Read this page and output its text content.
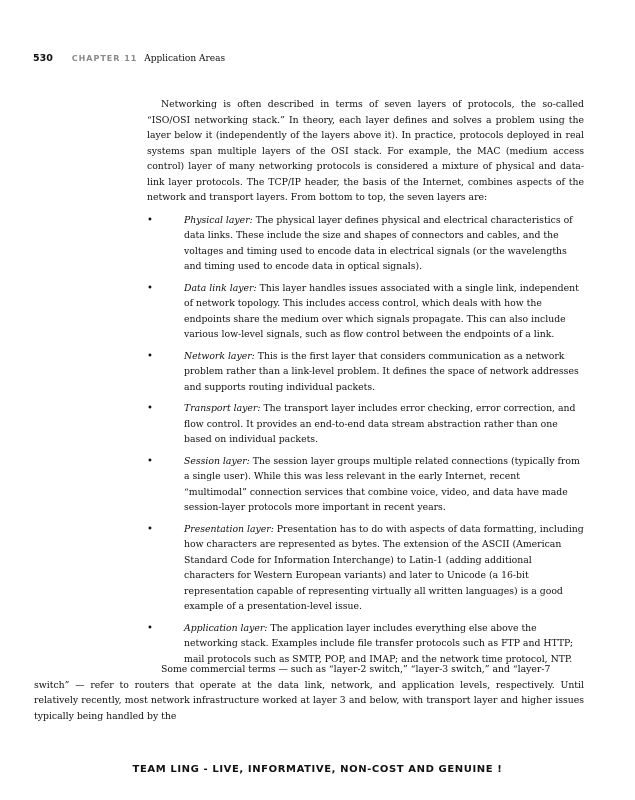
530 CHAPTER 11 Application Areas

Networking is often described in terms of seven layers of protocols, the so-called “ISO/OSI networking stack.” In theory, each layer defines and solves a problem using the layer below it (independently of the layers above it). In practice, protocols deployed in real systems span multiple layers of the OSI stack. For example, the MAC (medium access control) layer of many networking protocols is considered a mixture of physical and data-link layer protocols. The TCP/IP header, the basis of the Internet, combines aspects of the network and transport layers. From bottom to top, the seven layers are:

•	Physical layer: The physical layer defines physical and electrical characteristics of data links. These include the size and shapes of connectors and cables, and the voltages and timing used to encode data in electrical signals (or the wavelengths and timing used to encode data in optical signals).
•	Data link layer: This layer handles issues associated with a single link, independent of network topology. This includes access control, which deals with how the endpoints share the medium over which signals propagate. This can also include various low-level signals, such as flow control between the endpoints of a link.
•	Network layer: This is the first layer that considers communication as a network problem rather than a link-level problem. It defines the space of network addresses and supports routing individual packets.
•	Transport layer: The transport layer includes error checking, error correction, and flow control. It provides an end-to-end data stream abstraction rather than one based on individual packets.
•	Session layer: The session layer groups multiple related connections (typically from a single user). While this was less relevant in the early Internet, recent “multimodal” connection services that combine voice, video, and data have made session-layer protocols more important in recent years.
•	Presentation layer: Presentation has to do with aspects of data formatting, including how characters are represented as bytes. The extension of the ASCII (American Standard Code for Information Interchange) to Latin-1 (adding additional characters for Western European variants) and later to Unicode (a 16-bit representation capable of representing virtually all written languages) is a good example of a presentation-level issue.
•	Application layer: The application layer includes everything else above the networking stack. Examples include file transfer protocols such as FTP and HTTP; mail protocols such as SMTP, POP, and IMAP; and the network time protocol, NTP.

Some commercial terms — such as “layer-2 switch,” “layer-3 switch,” and “layer-7

switch” — refer to routers that operate at the data link, network, and application levels, respectively. Until relatively recently, most network infrastructure worked at layer 3 and below, with transport layer and higher issues typically being handled by the
TEAM LING - LIVE, INFORMATIVE, NON-COST AND GENUINE !
